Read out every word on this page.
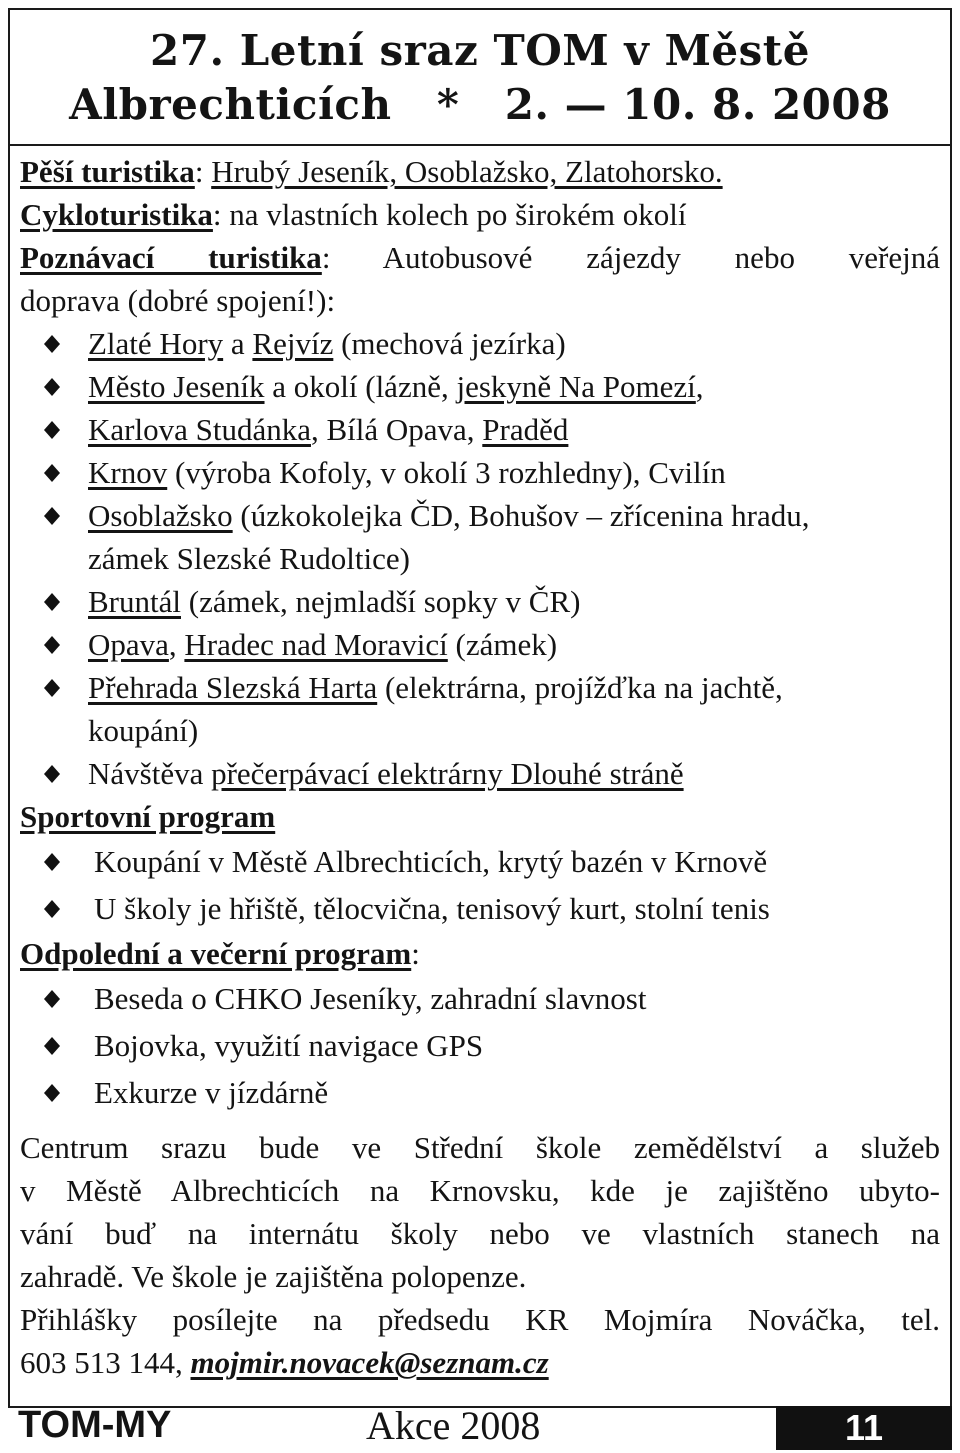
27. Letní sraz TOM v Městě
Albrechticích   *   2. — 10. 8. 2008
Pěší turistika: Hrubý Jeseník, Osoblažsko, Zlatohorsko.
Cykloturistika: na vlastních kolech po širokém okolí
Poznávací turistika: Autobusové zájezdy nebo veřejná
doprava (dobré spojení!):
Zlaté Hory a Rejvíz (mechová jezírka)
Město Jeseník a okolí (lázně, jeskyně Na Pomezí,
Karlova Studánka, Bílá Opava, Praděd
Krnov (výroba Kofoly, v okolí 3 rozhledny), Cvilín
Osoblažsko (úzkokolejka ČD, Bohušov – zřícenina hradu,
zámek Slezské Rudoltice)
Bruntál (zámek, nejmladší sopky v ČR)
Opava, Hradec nad Moravicí (zámek)
Přehrada Slezská Harta (elektrárna, projížďka na jachtě,
koupání)
Návštěva přečerpávací elektrárny Dlouhé stráně
Sportovní program
Koupání v Městě Albrechticích, krytý bazén v Krnově
U školy je hřiště, tělocvična, tenisový kurt, stolní tenis
Odpolední a večerní program:
Beseda o CHKO Jeseníky, zahradní slavnost
Bojovka, využití navigace GPS
Exkurze v jízdárně
Centrum srazu bude ve Střední škole zemědělství a služeb
v Městě Albrechticích na Krnovsku, kde je zajištěno ubyto-
vání buď na internátu školy nebo ve vlastních stanech na
zahradě. Ve škole je zajištěna polopenze.
Přihlášky posílejte na předsedu KR Mojmíra Nováčka, tel.
603 513 144, mojmir.novacek@seznam.cz
TOM-MY	Akce 2008	11
